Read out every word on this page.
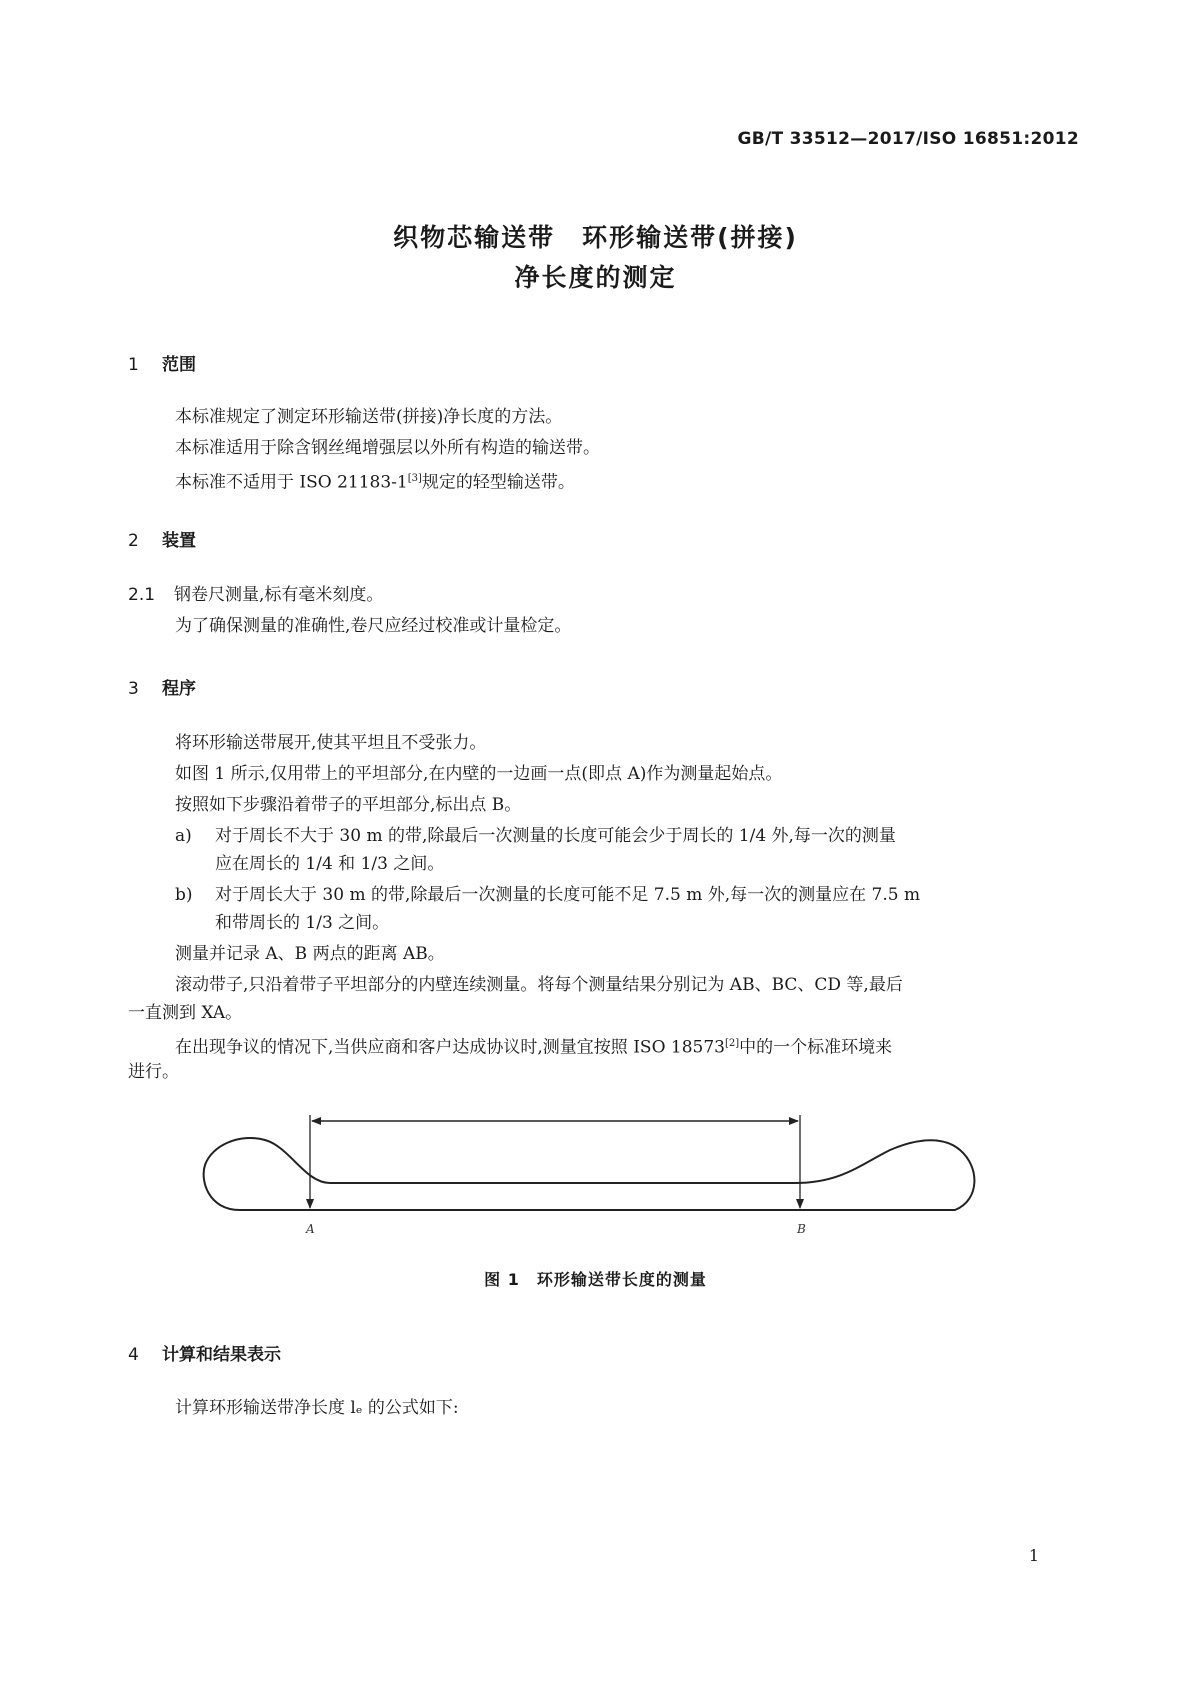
GB/T 33512—2017/ISO 16851:2012
织物芯输送带　环形输送带(拼接)
净长度的测定
1 范围
本标准规定了测定环形输送带(拼接)净长度的方法。
本标准适用于除含钢丝绳增强层以外所有构造的输送带。
本标准不适用于 ISO 21183-1[3]规定的轻型输送带。
2 装置
2.1 钢卷尺测量,标有毫米刻度。
为了确保测量的准确性,卷尺应经过校准或计量检定。
3 程序
将环形输送带展开,使其平坦且不受张力。
如图 1 所示,仅用带上的平坦部分,在内壁的一边画一点(即点 A)作为测量起始点。
按照如下步骤沿着带子的平坦部分,标出点 B。
a) 对于周长不大于 30 m 的带,除最后一次测量的长度可能会少于周长的 1/4 外,每一次的测量
应在周长的 1/4 和 1/3 之间。
b) 对于周长大于 30 m 的带,除最后一次测量的长度可能不足 7.5 m 外,每一次的测量应在 7.5 m
和带周长的 1/3 之间。
测量并记录 A、B 两点的距离 AB。
滚动带子,只沿着带子平坦部分的内壁连续测量。将每个测量结果分别记为 AB、BC、CD 等,最后
一直测到 XA。
在出现争议的情况下,当供应商和客户达成协议时,测量宜按照 ISO 18573[2]中的一个标准环境来
进行。
A	B
图 1　环形输送带长度的测量
4 计算和结果表示
计算环形输送带净长度 lₑ 的公式如下:
1
